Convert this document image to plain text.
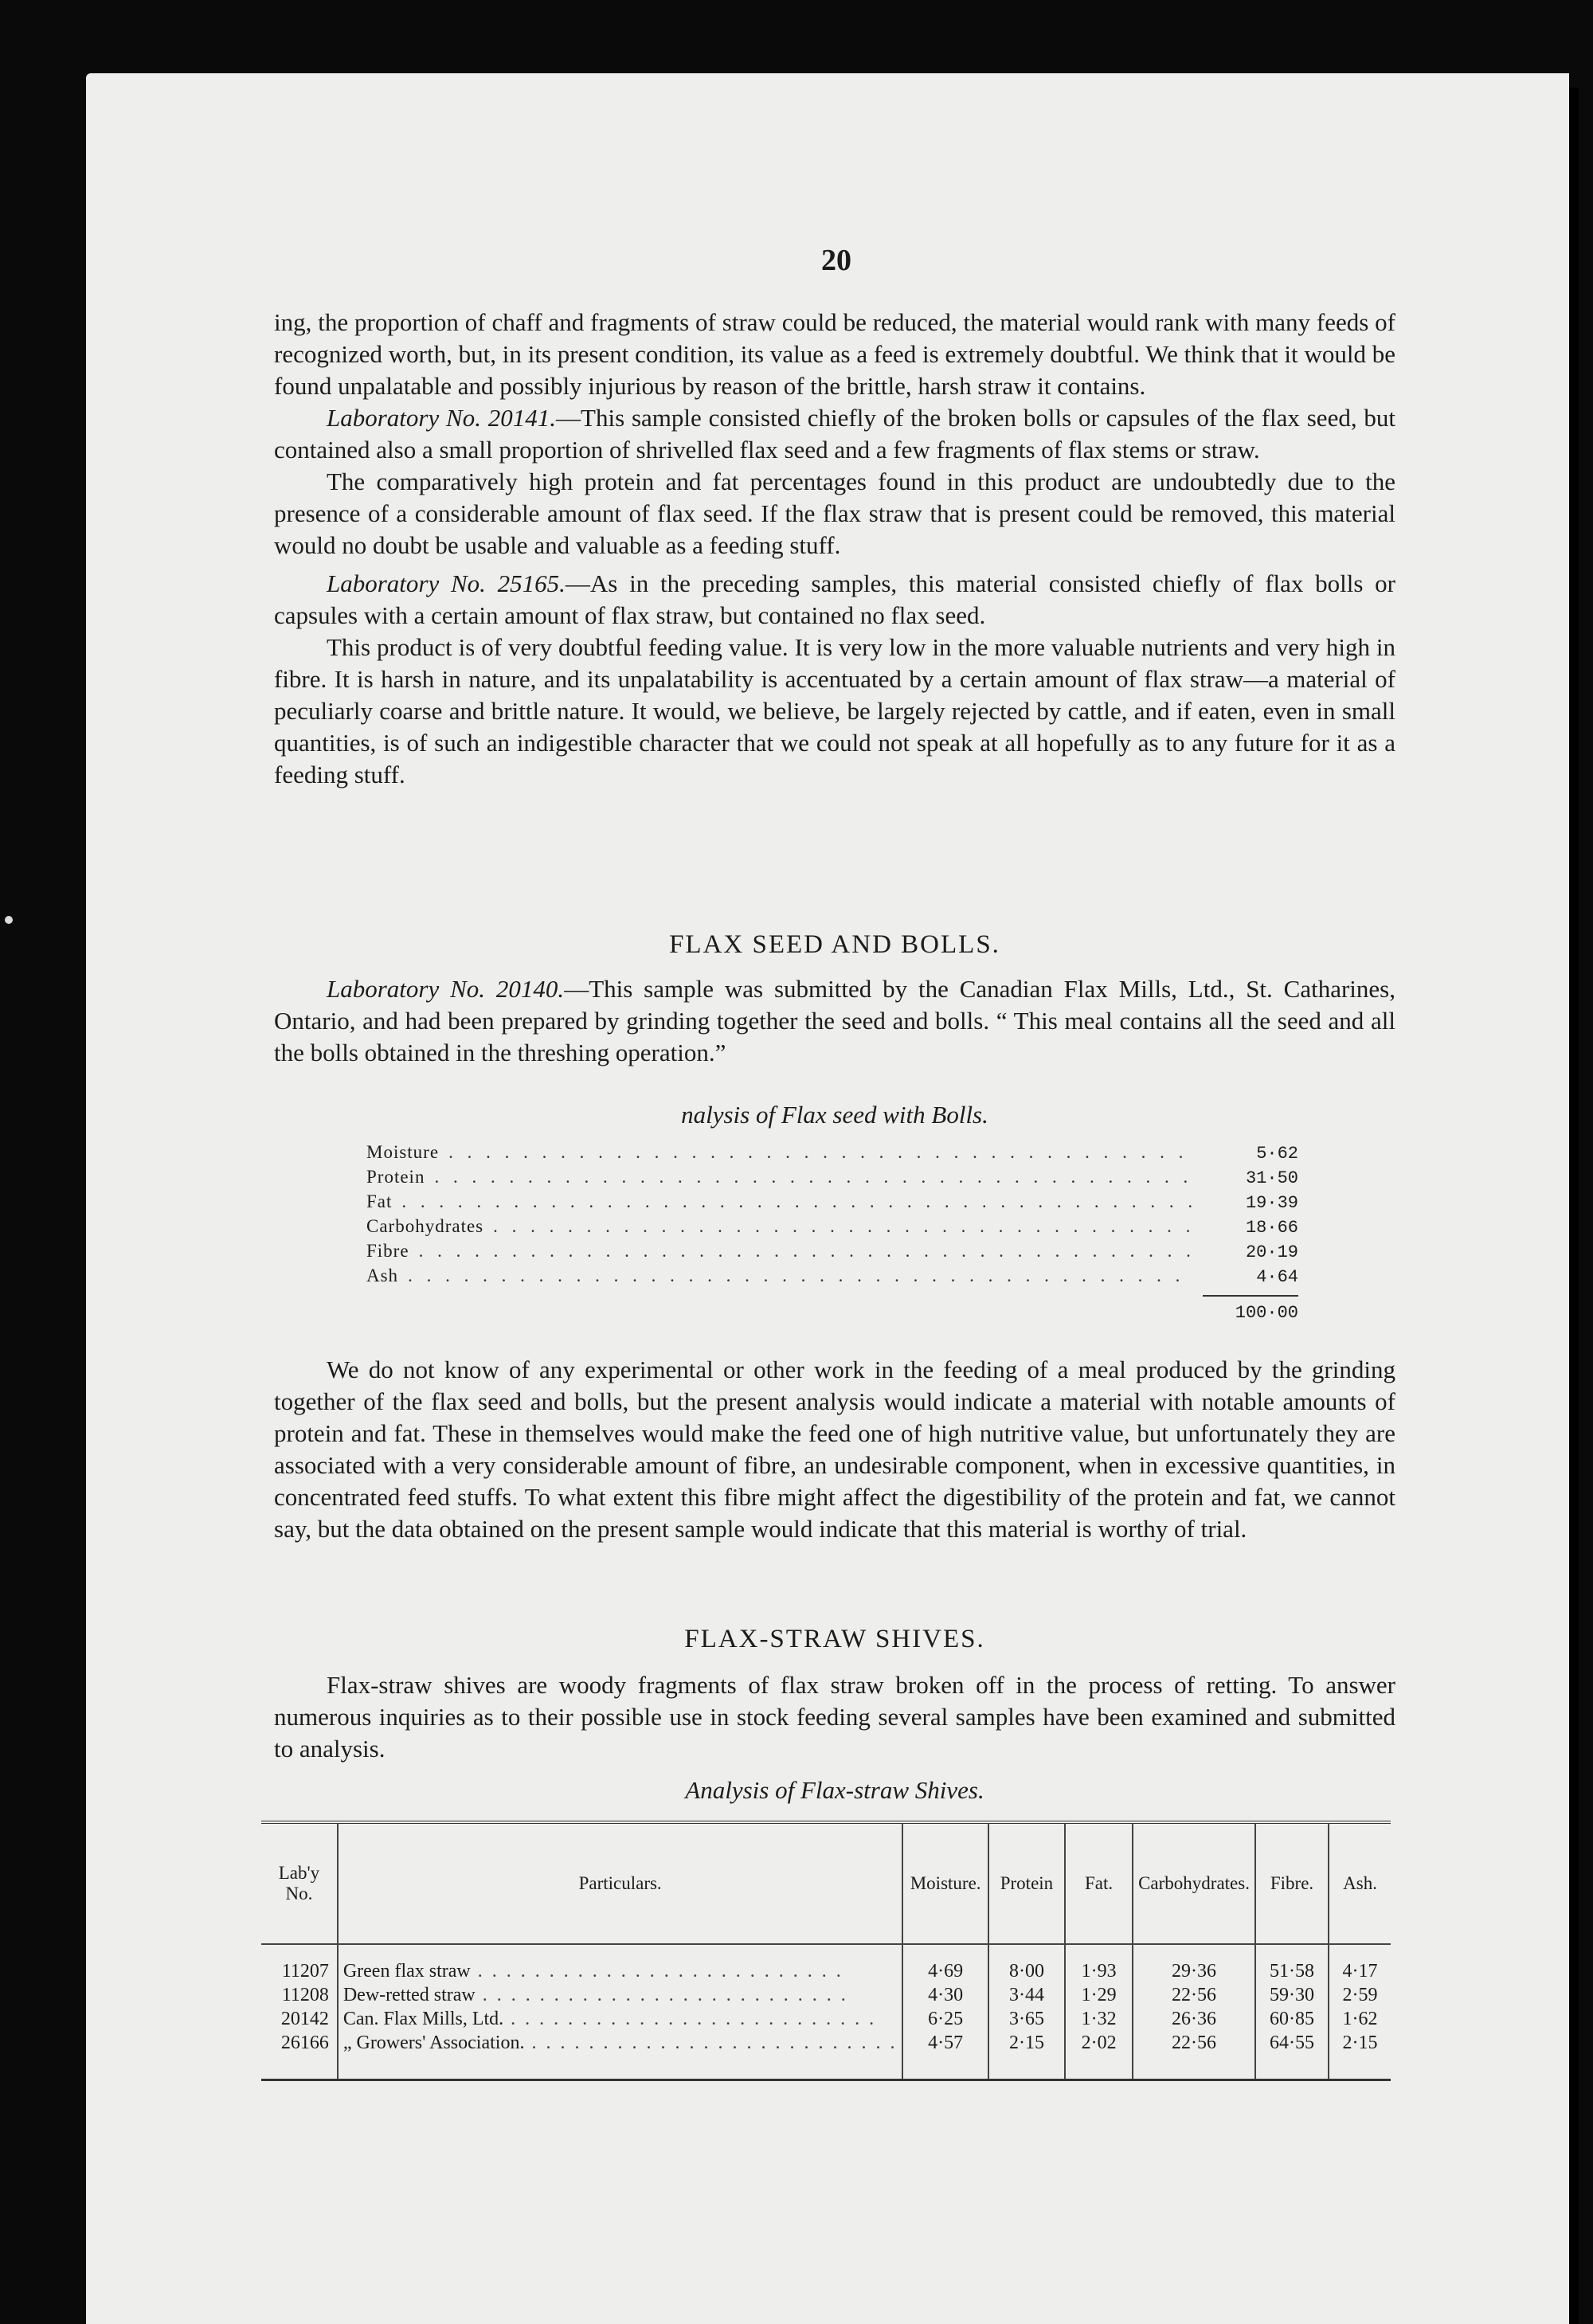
20

ing, the proportion of chaff and fragments of straw could be reduced, the material would rank with many feeds of recognized worth, but, in its present condition, its value as a feed is extremely doubtful. We think that it would be found unpalatable and possibly injurious by reason of the brittle, harsh straw it contains.

Laboratory No. 20141.—This sample consisted chiefly of the broken bolls or capsules of the flax seed, but contained also a small proportion of shrivelled flax seed and a few fragments of flax stems or straw.

The comparatively high protein and fat percentages found in this product are undoubtedly due to the presence of a considerable amount of flax seed. If the flax straw that is present could be removed, this material would no doubt be usable and valuable as a feeding stuff.

Laboratory No. 25165.—As in the preceding samples, this material consisted chiefly of flax bolls or capsules with a certain amount of flax straw, but contained no flax seed.

This product is of very doubtful feeding value. It is very low in the more valuable nutrients and very high in fibre. It is harsh in nature, and its unpalatability is accentuated by a certain amount of flax straw—a material of peculiarly coarse and brittle nature. It would, we believe, be largely rejected by cattle, and if eaten, even in small quantities, is of such an indigestible character that we could not speak at all hopefully as to any future for it as a feeding stuff.

FLAX SEED AND BOLLS.

Laboratory No. 20140.—This sample was submitted by the Canadian Flax Mills, Ltd., St. Catharines, Ontario, and had been prepared by grinding together the seed and bolls. “ This meal contains all the seed and all the bolls obtained in the threshing operation.”

nalysis of Flax seed with Bolls.

Moisture . . .	5·62
Protein . . .	31·50
Fat . . .	19·39
Carbohydrates . . .	18·66
Fibre . . .	20·19
Ash . . .	4·64
100·00

We do not know of any experimental or other work in the feeding of a meal produced by the grinding together of the flax seed and bolls, but the present analysis would indicate a material with notable amounts of protein and fat. These in themselves would make the feed one of high nutritive value, but unfortunately they are associated with a very considerable amount of fibre, an undesirable component, when in excessive quantities, in concentrated feed stuffs. To what extent this fibre might affect the digestibility of the protein and fat, we cannot say, but the data obtained on the present sample would indicate that this material is worthy of trial.

FLAX-STRAW SHIVES.

Flax-straw shives are woody fragments of flax straw broken off in the process of retting. To answer numerous inquiries as to their possible use in stock feeding several samples have been examined and submitted to analysis.

Analysis of Flax-straw Shives.

Lab'y No.	Particulars.	Moisture.	Protein	Fat.	Carbohydrates.	Fibre.	Ash.
11207	Green flax straw . . .	4·69	8·00	1·93	29·36	51·58	4·17
11208	Dew-retted straw . . .	4·30	3·44	1·29	22·56	59·30	2·59
20142	Can. Flax Mills, Ltd. . . .	6·25	3·65	1·32	26·36	60·85	1·62
26166	„ Growers' Association. . . .	4·57	2·15	2·02	22·56	64·55	2·15
